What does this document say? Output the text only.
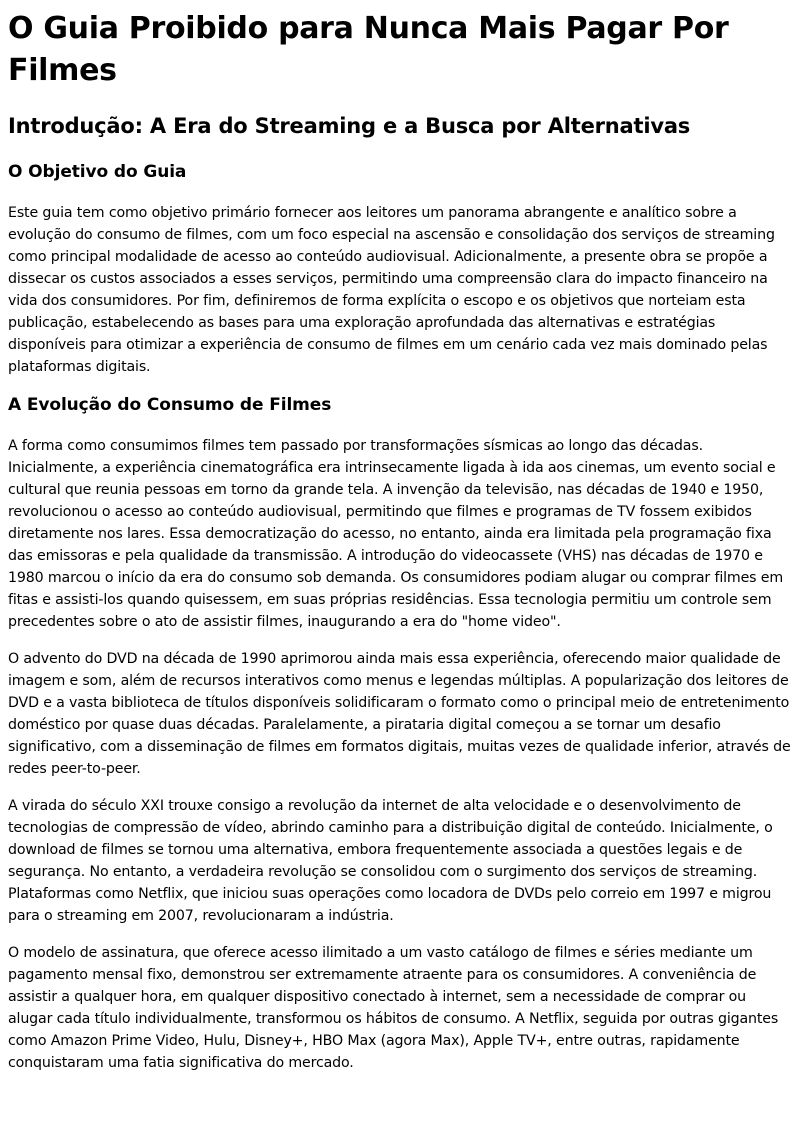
O Guia Proibido para Nunca Mais Pagar Por Filmes
Introdução: A Era do Streaming e a Busca por Alternativas
O Objetivo do Guia

Este guia tem como objetivo primário fornecer aos leitores um panorama abrangente e analítico sobre a evolução do consumo de filmes, com um foco especial na ascensão e consolidação dos serviços de streaming como principal modalidade de acesso ao conteúdo audiovisual. Adicionalmente, a presente obra se propõe a dissecar os custos associados a esses serviços, permitindo uma compreensão clara do impacto financeiro na vida dos consumidores. Por fim, definiremos de forma explícita o escopo e os objetivos que norteiam esta publicação, estabelecendo as bases para uma exploração aprofundada das alternativas e estratégias disponíveis para otimizar a experiência de consumo de filmes em um cenário cada vez mais dominado pelas plataformas digitais.

A Evolução do Consumo de Filmes

A forma como consumimos filmes tem passado por transformações sísmicas ao longo das décadas. Inicialmente, a experiência cinematográfica era intrinsecamente ligada à ida aos cinemas, um evento social e cultural que reunia pessoas em torno da grande tela. A invenção da televisão, nas décadas de 1940 e 1950, revolucionou o acesso ao conteúdo audiovisual, permitindo que filmes e programas de TV fossem exibidos diretamente nos lares. Essa democratização do acesso, no entanto, ainda era limitada pela programação fixa das emissoras e pela qualidade da transmissão. A introdução do videocassete (VHS) nas décadas de 1970 e 1980 marcou o início da era do consumo sob demanda. Os consumidores podiam alugar ou comprar filmes em fitas e assisti-los quando quisessem, em suas próprias residências. Essa tecnologia permitiu um controle sem precedentes sobre o ato de assistir filmes, inaugurando a era do "home video".

O advento do DVD na década de 1990 aprimorou ainda mais essa experiência, oferecendo maior qualidade de imagem e som, além de recursos interativos como menus e legendas múltiplas. A popularização dos leitores de DVD e a vasta biblioteca de títulos disponíveis solidificaram o formato como o principal meio de entretenimento doméstico por quase duas décadas. Paralelamente, a pirataria digital começou a se tornar um desafio significativo, com a disseminação de filmes em formatos digitais, muitas vezes de qualidade inferior, através de redes peer-to-peer.

A virada do século XXI trouxe consigo a revolução da internet de alta velocidade e o desenvolvimento de tecnologias de compressão de vídeo, abrindo caminho para a distribuição digital de conteúdo. Inicialmente, o download de filmes se tornou uma alternativa, embora frequentemente associada a questões legais e de segurança. No entanto, a verdadeira revolução se consolidou com o surgimento dos serviços de streaming. Plataformas como Netflix, que iniciou suas operações como locadora de DVDs pelo correio em 1997 e migrou para o streaming em 2007, revolucionaram a indústria.

O modelo de assinatura, que oferece acesso ilimitado a um vasto catálogo de filmes e séries mediante um pagamento mensal fixo, demonstrou ser extremamente atraente para os consumidores. A conveniência de assistir a qualquer hora, em qualquer dispositivo conectado à internet, sem a necessidade de comprar ou alugar cada título individualmente, transformou os hábitos de consumo. A Netflix, seguida por outras gigantes como Amazon Prime Video, Hulu, Disney+, HBO Max (agora Max), Apple TV+, entre outras, rapidamente conquistaram uma fatia significativa do mercado.
